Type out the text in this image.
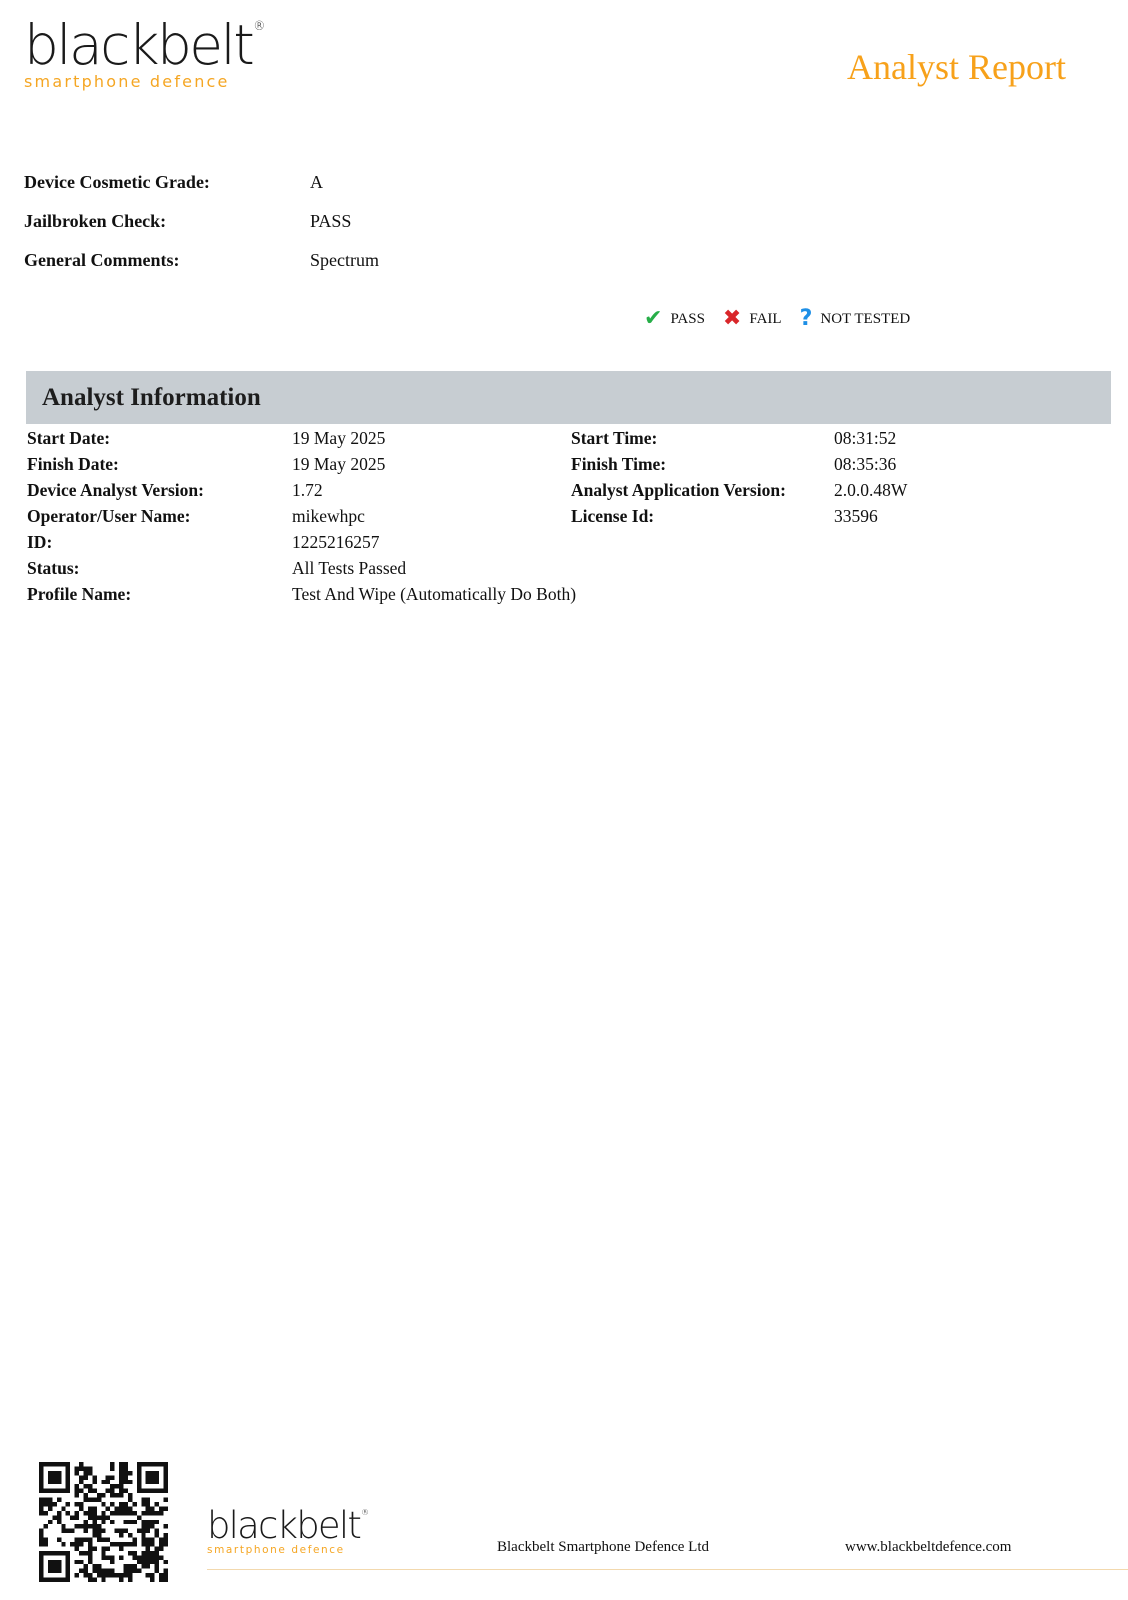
blackbelt®
smartphone defence	Analyst Report
Device Cosmetic Grade:	A
Jailbroken Check:	PASS
General Comments:	Spectrum
✔ PASS ✖ FAIL ? NOT TESTED
Analyst Information
Start Date:	19 May 2025	Start Time:	08:31:52
Finish Date:	19 May 2025	Finish Time:	08:35:36
Device Analyst Version:	1.72	Analyst Application Version:	2.0.0.48W
Operator/User Name:	mikewhpc	License Id:	33596
ID:	1225216257
Status:	All Tests Passed
Profile Name:	Test And Wipe (Automatically Do Both)
blackbelt®
smartphone defence	Blackbelt Smartphone Defence Ltd	www.blackbeltdefence.com
